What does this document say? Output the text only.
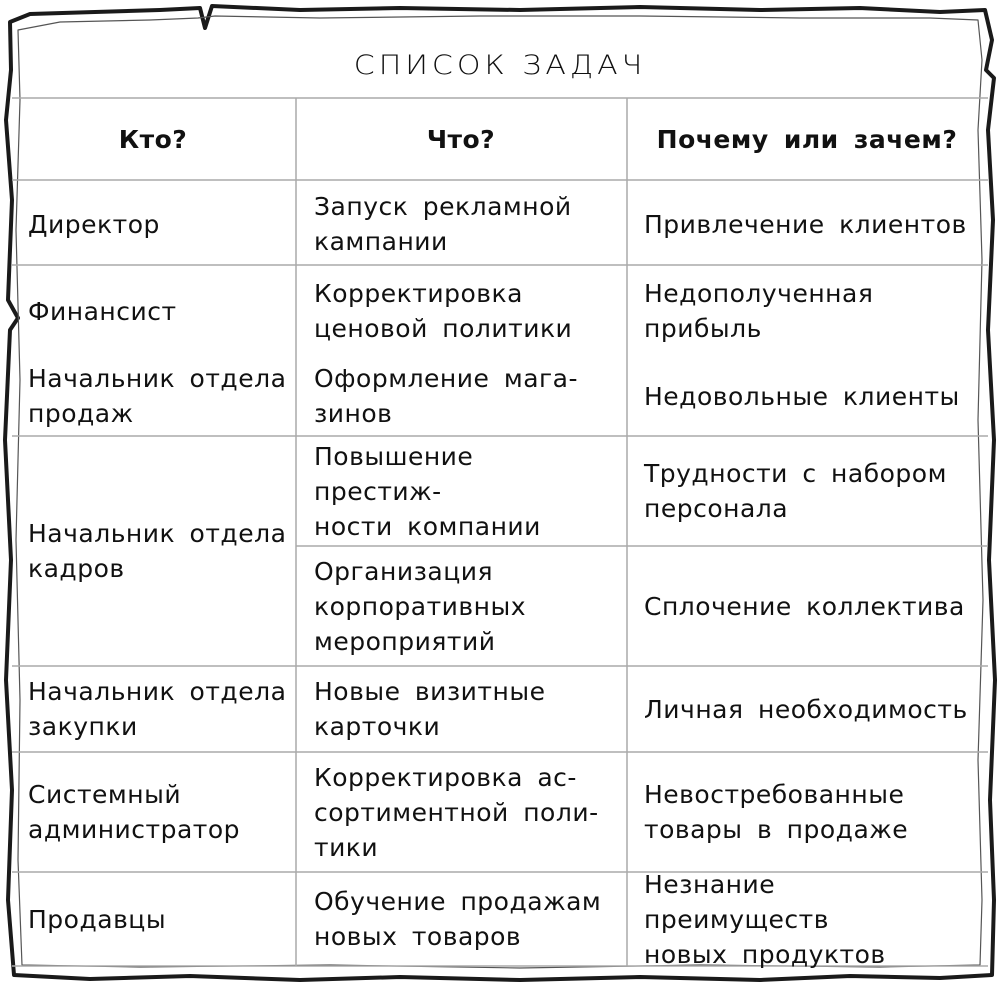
СПИСОК ЗАДАЧ
Кто?	Что?	Почему или зачем?
Директор
Запуск рекламной
кампании
Привлечение клиентов
Финансист
Корректировка
ценовой политики
Недополученная
прибыль
Начальник отдела
продаж
Оформление мага-
зинов
Недовольные клиенты
Начальник отдела
кадров
Повышение престиж-
ности компании
Трудности с набором
персонала
Организация
корпоративных
мероприятий
Сплочение коллектива
Начальник отдела
закупки
Новые визитные
карточки
Личная необходимость
Системный
администратор
Корректировка ас-
сортиментной поли-
тики
Невостребованные
товары в продаже
Продавцы
Обучение продажам
новых товаров
Незнание преимуществ
новых продуктов
